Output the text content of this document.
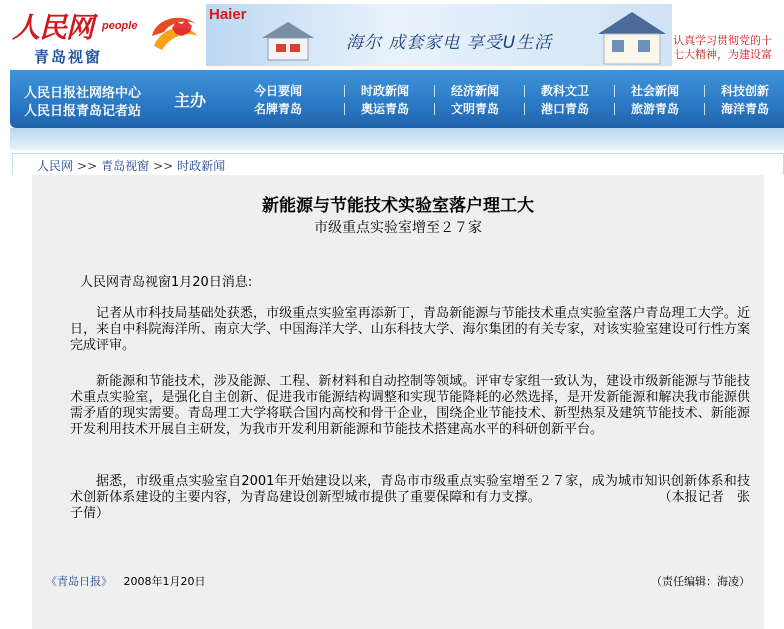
人民网 people
青岛视窗
Haier
海尔 成套家电 享受U生活	认真学习贯彻党的十
七大精神，为建设富
人民日报社网络中心
人民日报青岛记者站
主办	今日要闻	时政新闻	经济新闻	教科文卫	社会新闻	科技创新
名牌青岛	奥运青岛	文明青岛	港口青岛	旅游青岛	海洋青岛
人民网 >> 青岛视窗 >> 时政新闻
新能源与节能技术实验室落户理工大
市级重点实验室增至２７家
人民网青岛视窗1月20日消息:
记者从市科技局基础处获悉，市级重点实验室再添新丁，青岛新能源与节能技术重点实验室落户青岛理工大学。近日，来自中科院海洋所、南京大学、中国海洋大学、山东科技大学、海尔集团的有关专家，对该实验室建设可行性方案完成评审。
新能源和节能技术，涉及能源、工程、新材料和自动控制等领域。评审专家组一致认为，建设市级新能源与节能技术重点实验室，是强化自主创新、促进我市能源结构调整和实现节能降耗的必然选择，是开发新能源和解决我市能源供需矛盾的现实需要。青岛理工大学将联合国内高校和骨干企业，围绕企业节能技术、新型热泵及建筑节能技术、新能源开发利用技术开展自主研发，为我市开发利用新能源和节能技术搭建高水平的科研创新平台。
据悉，市级重点实验室自2001年开始建设以来，青岛市市级重点实验室增至２７家，成为城市知识创新体系和技术创新体系建设的主要内容，为青岛建设创新型城市提供了重要保障和有力支撑。　　　　　　　　　　（本报记者　张子倩）
《青岛日报》 2008年1月20日	（责任编辑：海凌）
